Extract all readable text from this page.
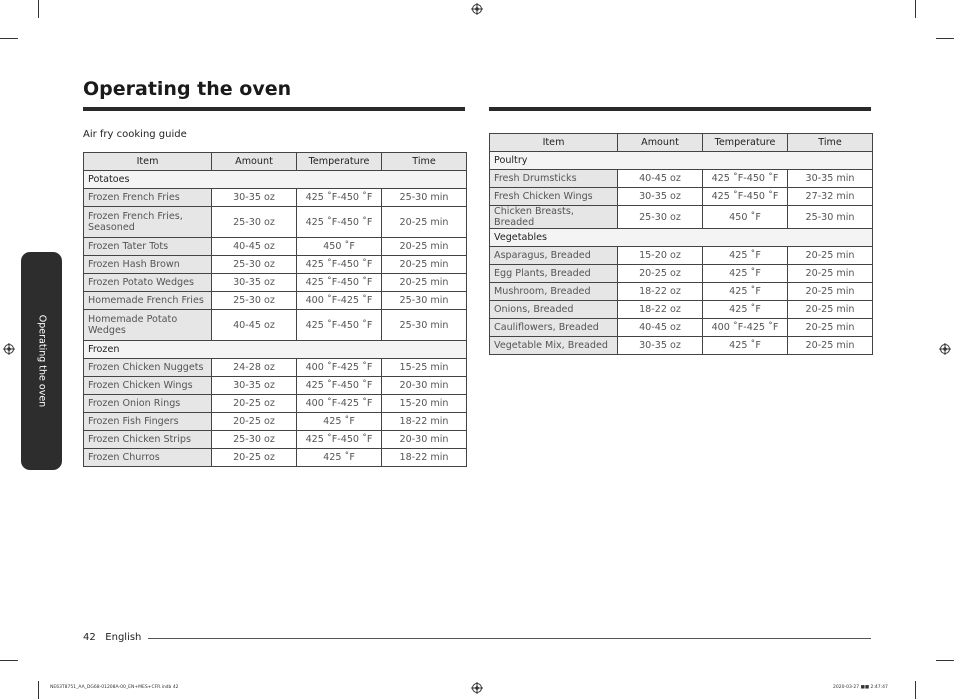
Operating the oven
Operating the oven
Air fry cooking guide
Item	Amount	Temperature	Time
Potatoes			
Frozen French Fries	30-35 oz	425 ˚F-450 ˚F	25-30 min
Frozen French Fries, Seasoned	25-30 oz	425 ˚F-450 ˚F	20-25 min
Frozen Tater Tots	40-45 oz	450 ˚F	20-25 min
Frozen Hash Brown	25-30 oz	425 ˚F-450 ˚F	20-25 min
Frozen Potato Wedges	30-35 oz	425 ˚F-450 ˚F	20-25 min
Homemade French Fries	25-30 oz	400 ˚F-425 ˚F	25-30 min
Homemade Potato Wedges	40-45 oz	425 ˚F-450 ˚F	25-30 min
Frozen			
Frozen Chicken Nuggets	24-28 oz	400 ˚F-425 ˚F	15-25 min
Frozen Chicken Wings	30-35 oz	425 ˚F-450 ˚F	20-30 min
Frozen Onion Rings	20-25 oz	400 ˚F-425 ˚F	15-20 min
Frozen Fish Fingers	20-25 oz	425 ˚F	18-22 min
Frozen Chicken Strips	25-30 oz	425 ˚F-450 ˚F	20-30 min
Frozen Churros	20-25 oz	425 ˚F	18-22 min
Item	Amount	Temperature	Time
Poultry			
Fresh Drumsticks	40-45 oz	425 ˚F-450 ˚F	30-35 min
Fresh Chicken Wings	30-35 oz	425 ˚F-450 ˚F	27-32 min
Chicken Breasts, Breaded	25-30 oz	450 ˚F	25-30 min
Vegetables			
Asparagus, Breaded	15-20 oz	425 ˚F	20-25 min
Egg Plants, Breaded	20-25 oz	425 ˚F	20-25 min
Mushroom, Breaded	18-22 oz	425 ˚F	20-25 min
Onions, Breaded	18-22 oz	425 ˚F	20-25 min
Cauliflowers, Breaded	40-45 oz	400 ˚F-425 ˚F	20-25 min
Vegetable Mix, Breaded	30-35 oz	425 ˚F	20-25 min
42 English
NE63T8751_AA_DG68-01208A-00_EN+MES+CFR.indb 42	2020-03-27 ■■ 2:47:47
